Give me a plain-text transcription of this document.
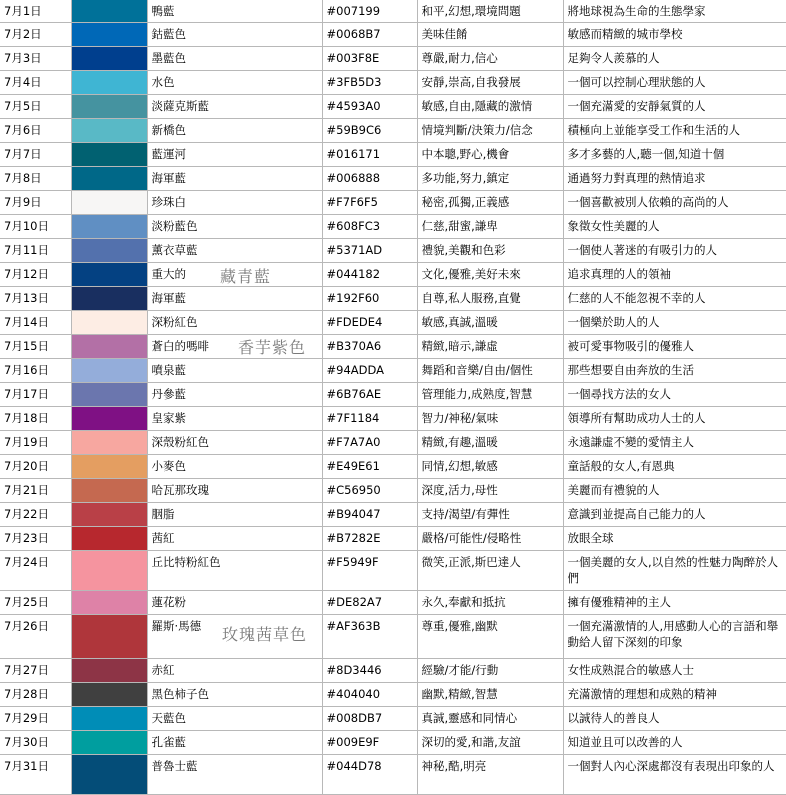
7月1日		鴨藍	#007199	和平,幻想,環境問題	將地球視為生命的生態學家
7月2日		鈷藍色	#0068B7	美味佳餚	敏感而精緻的城市學校
7月3日		墨藍色	#003F8E	尊嚴,耐力,信心	足夠令人羨慕的人
7月4日		水色	#3FB5D3	安靜,崇高,自我發展	一個可以控制心理狀態的人
7月5日		淡薩克斯藍	#4593A0	敏感,自由,隱藏的激情	一個充滿愛的安靜氣質的人
7月6日		新橋色	#59B9C6	情境判斷/決策力/信念	積極向上並能享受工作和生活的人
7月7日		藍運河	#016171	中本聰,野心,機會	多才多藝的人,聽一個,知道十個
7月8日		海軍藍	#006888	多功能,努力,鎮定	通過努力對真理的熱情追求
7月9日		珍珠白	#F7F6F5	秘密,孤獨,正義感	一個喜歡被別人依賴的高尚的人
7月10日		淡粉藍色	#608FC3	仁慈,甜蜜,謙卑	象徵女性美麗的人
7月11日		薰衣草藍	#5371AD	禮貌,美觀和色彩	一個使人著迷的有吸引力的人
7月12日		重大的	#044182	文化,優雅,美好未來	追求真理的人的領袖
7月13日		海軍藍	#192F60	自尊,私人服務,直覺	仁慈的人不能忽視不幸的人
7月14日		深粉紅色	#FDEDE4	敏感,真誠,溫暖	一個樂於助人的人
7月15日		蒼白的嗎啡	#B370A6	精緻,暗示,謙虛	被可愛事物吸引的優雅人
7月16日		噴泉藍	#94ADDA	舞蹈和音樂/自由/個性	那些想要自由奔放的生活
7月17日		丹參藍	#6B76AE	管理能力,成熟度,智慧	一個尋找方法的女人
7月18日		皇家紫	#7F1184	智力/神秘/氣味	領導所有幫助成功人士的人
7月19日		深殼粉紅色	#F7A7A0	精緻,有趣,溫暖	永遠謙虛不變的愛情主人
7月20日		小麥色	#E49E61	同情,幻想,敏感	童話般的女人,有恩典
7月21日		哈瓦那玫瑰	#C56950	深度,活力,母性	美麗而有禮貌的人
7月22日		胭脂	#B94047	支持/渴望/有彈性	意識到並提高自己能力的人
7月23日		茜紅	#B7282E	嚴格/可能性/侵略性	放眼全球
7月24日		丘比特粉紅色	#F5949F	微笑,正派,斯巴達人	一個美麗的女人,以自然的性魅力陶醉於人們
7月25日		蓮花粉	#DE82A7	永久,奉獻和抵抗	擁有優雅精神的主人
7月26日		羅斯·馬德	#AF363B	尊重,優雅,幽默	一個充滿激情的人,用感動人心的言語和舉動給人留下深刻的印象
7月27日		赤紅	#8D3446	經驗/才能/行動	女性成熟混合的敏感人士
7月28日		黑色柿子色	#404040	幽默,精緻,智慧	充滿激情的理想和成熟的精神
7月29日		天藍色	#008DB7	真誠,靈感和同情心	以誠待人的善良人
7月30日		孔雀藍	#009E9F	深切的愛,和諧,友誼	知道並且可以改善的人
7月31日		普魯士藍	#044D78	神秘,酷,明亮	一個對人內心深處都沒有表現出印象的人
藏青藍
香芋紫色
玫瑰茜草色
